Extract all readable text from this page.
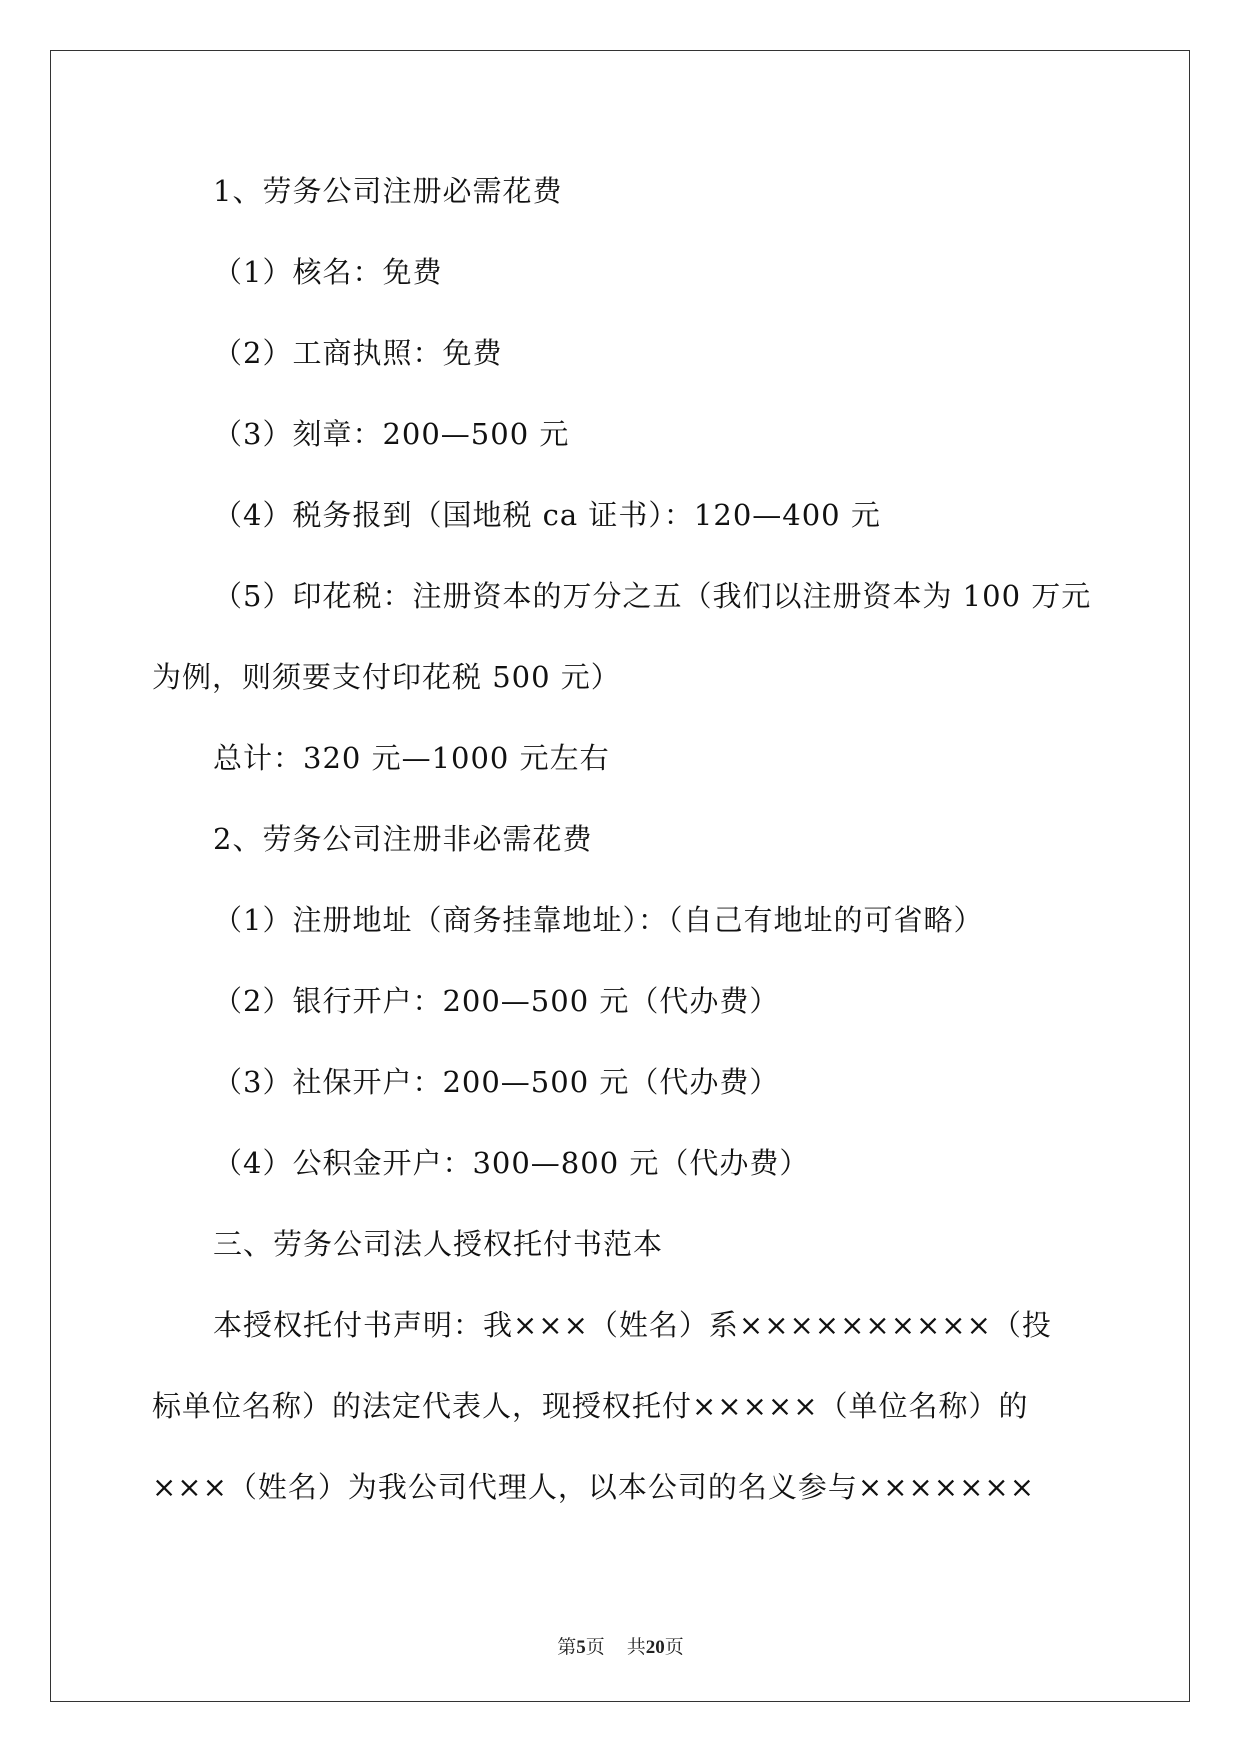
1、劳务公司注册必需花费
（1）核名：免费
（2）工商执照：免费
（3）刻章：200—500 元
（4）税务报到（国地税 ca 证书）：120—400 元
（5）印花税：注册资本的万分之五（我们以注册资本为 100 万元
为例，则须要支付印花税 500 元）
总计：320 元—1000 元左右
2、劳务公司注册非必需花费
（1）注册地址（商务挂靠地址）：（自己有地址的可省略）
（2）银行开户：200—500 元（代办费）
（3）社保开户：200—500 元（代办费）
（4）公积金开户：300—800 元（代办费）
三、劳务公司法人授权托付书范本
本授权托付书声明：我×××（姓名）系××××××××××（投
标单位名称）的法定代表人，现授权托付×××××（单位名称）的
×××（姓名）为我公司代理人，以本公司的名义参与×××××××
第5页 共20页
